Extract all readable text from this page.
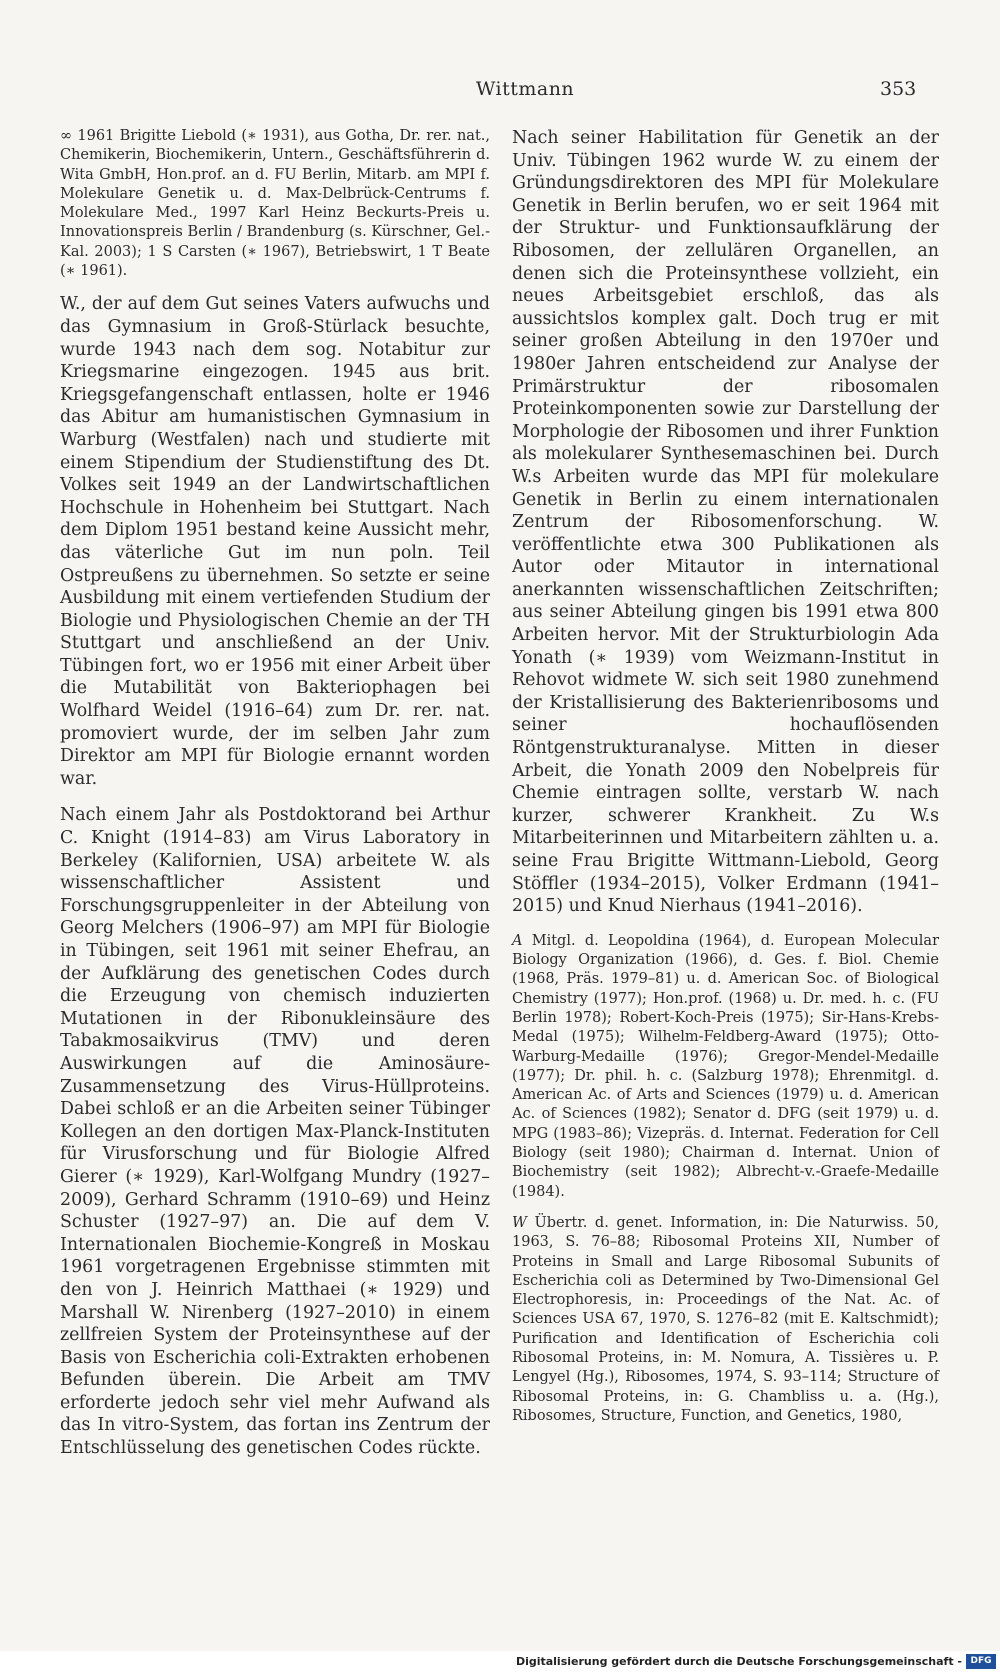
Wittmann	353

∞ 1961 Brigitte Liebold (∗ 1931), aus Gotha, Dr. rer. nat., Chemikerin, Biochemikerin, Untern., Geschäftsführerin d. Wita GmbH, Hon.prof. an d. FU Berlin, Mitarb. am MPI f. Molekulare Genetik u. d. Max-Delbrück-Centrums f. Molekulare Med., 1997 Karl Heinz Beckurts-Preis u. Innovationspreis Berlin / Brandenburg (s. Kürschner, Gel.-Kal. 2003); 1 S Carsten (∗ 1967), Betriebswirt, 1 T Beate (∗ 1961).

W., der auf dem Gut seines Vaters aufwuchs und das Gymnasium in Groß-Stürlack besuchte, wurde 1943 nach dem sog. Notabitur zur Kriegsmarine eingezogen. 1945 aus brit. Kriegsgefangenschaft entlassen, holte er 1946 das Abitur am humanistischen Gymnasium in Warburg (Westfalen) nach und studierte mit einem Stipendium der Studienstiftung des Dt. Volkes seit 1949 an der Landwirtschaftlichen Hochschule in Hohenheim bei Stuttgart. Nach dem Diplom 1951 bestand keine Aussicht mehr, das väterliche Gut im nun poln. Teil Ostpreußens zu übernehmen. So setzte er seine Ausbildung mit einem vertiefenden Studium der Biologie und Physiologischen Chemie an der TH Stuttgart und anschließend an der Univ. Tübingen fort, wo er 1956 mit einer Arbeit über die Mutabilität von Bakteriophagen bei Wolfhard Weidel (1916–64) zum Dr. rer. nat. promoviert wurde, der im selben Jahr zum Direktor am MPI für Biologie ernannt worden war.

Nach einem Jahr als Postdoktorand bei Arthur C. Knight (1914–83) am Virus Laboratory in Berkeley (Kalifornien, USA) arbeitete W. als wissenschaftlicher Assistent und Forschungsgruppenleiter in der Abteilung von Georg Melchers (1906–97) am MPI für Biologie in Tübingen, seit 1961 mit seiner Ehefrau, an der Aufklärung des genetischen Codes durch die Erzeugung von chemisch induzierten Mutationen in der Ribonukleinsäure des Tabakmosaikvirus (TMV) und deren Auswirkungen auf die Aminosäure-Zusammensetzung des Virus-Hüllproteins. Dabei schloß er an die Arbeiten seiner Tübinger Kollegen an den dortigen Max-Planck-Instituten für Virusforschung und für Biologie Alfred Gierer (∗ 1929), Karl-Wolfgang Mundry (1927–2009), Gerhard Schramm (1910–69) und Heinz Schuster (1927–97) an. Die auf dem V. Internationalen Biochemie-Kongreß in Moskau 1961 vorgetragenen Ergebnisse stimmten mit den von J. Heinrich Matthaei (∗ 1929) und Marshall W. Nirenberg (1927–2010) in einem zellfreien System der Proteinsynthese auf der Basis von Escherichia coli-Extrakten erhobenen Befunden überein. Die Arbeit am TMV erforderte jedoch sehr viel mehr Aufwand als das In vitro-System, das fortan ins Zentrum der Entschlüsselung des genetischen Codes rückte.

Nach seiner Habilitation für Genetik an der Univ. Tübingen 1962 wurde W. zu einem der Gründungsdirektoren des MPI für Molekulare Genetik in Berlin berufen, wo er seit 1964 mit der Struktur- und Funktionsaufklärung der Ribosomen, der zellulären Organellen, an denen sich die Proteinsynthese vollzieht, ein neues Arbeitsgebiet erschloß, das als aussichtslos komplex galt. Doch trug er mit seiner großen Abteilung in den 1970er und 1980er Jahren entscheidend zur Analyse der Primärstruktur der ribosomalen Proteinkomponenten sowie zur Darstellung der Morphologie der Ribosomen und ihrer Funktion als molekularer Synthesemaschinen bei. Durch W.s Arbeiten wurde das MPI für molekulare Genetik in Berlin zu einem internationalen Zentrum der Ribosomenforschung. W. veröffentlichte etwa 300 Publikationen als Autor oder Mitautor in international anerkannten wissenschaftlichen Zeitschriften; aus seiner Abteilung gingen bis 1991 etwa 800 Arbeiten hervor. Mit der Strukturbiologin Ada Yonath (∗ 1939) vom Weizmann-Institut in Rehovot widmete W. sich seit 1980 zunehmend der Kristallisierung des Bakterienribosoms und seiner hochauflösenden Röntgenstrukturanalyse. Mitten in dieser Arbeit, die Yonath 2009 den Nobelpreis für Chemie eintragen sollte, verstarb W. nach kurzer, schwerer Krankheit. Zu W.s Mitarbeiterinnen und Mitarbeitern zählten u. a. seine Frau Brigitte Wittmann-Liebold, Georg Stöffler (1934–2015), Volker Erdmann (1941–2015) und Knud Nierhaus (1941–2016).

A Mitgl. d. Leopoldina (1964), d. European Molecular Biology Organization (1966), d. Ges. f. Biol. Chemie (1968, Präs. 1979–81) u. d. American Soc. of Biological Chemistry (1977); Hon.prof. (1968) u. Dr. med. h. c. (FU Berlin 1978); Robert-Koch-Preis (1975); Sir-Hans-Krebs-Medal (1975); Wilhelm-Feldberg-Award (1975); Otto-Warburg-Medaille (1976); Gregor-Mendel-Medaille (1977); Dr. phil. h. c. (Salzburg 1978); Ehrenmitgl. d. American Ac. of Arts and Sciences (1979) u. d. American Ac. of Sciences (1982); Senator d. DFG (seit 1979) u. d. MPG (1983–86); Vizepräs. d. Internat. Federation for Cell Biology (seit 1980); Chairman d. Internat. Union of Biochemistry (seit 1982); Albrecht-v.-Graefe-Medaille (1984).

W Übertr. d. genet. Information, in: Die Naturwiss. 50, 1963, S. 76–88; Ribosomal Proteins XII, Number of Proteins in Small and Large Ribosomal Subunits of Escherichia coli as Determined by Two-Dimensional Gel Electrophoresis, in: Proceedings of the Nat. Ac. of Sciences USA 67, 1970, S. 1276–82 (mit E. Kaltschmidt); Purification and Identification of Escherichia coli Ribosomal Proteins, in: M. Nomura, A. Tissières u. P. Lengyel (Hg.), Ribosomes, 1974, S. 93–114; Structure of Ribosomal Proteins, in: G. Chambliss u. a. (Hg.), Ribosomes, Structure, Function, and Genetics, 1980,

Digitalisierung gefördert durch die Deutsche Forschungsgemeinschaft - DFG
